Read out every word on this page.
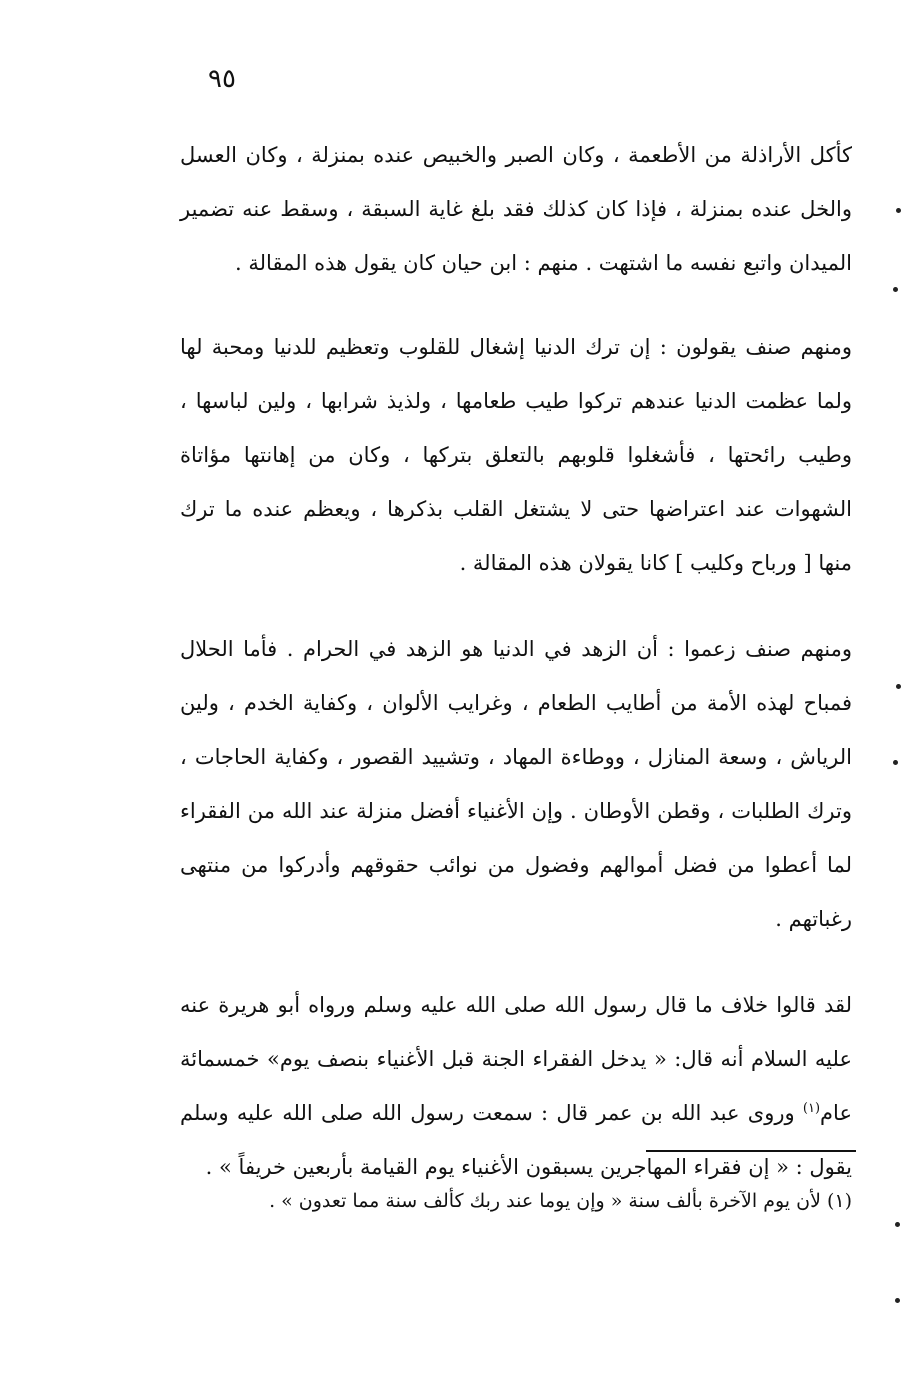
٩٥

كأكل الأراذلة من الأطعمة ، وكان الصبر والخبيص عنده بمنزلة ، وكان العسل والخل عنده بمنزلة ، فإذا كان كذلك فقد بلغ غاية السبقة ، وسقط عنه تضمير الميدان واتبع نفسه ما اشتهت . منهم : ابن حيان كان يقول هذه المقالة .

ومنهم صنف يقولون : إن ترك الدنيا إشغال للقلوب وتعظيم للدنيا ومحبة لها ولما عظمت الدنيا عندهم تركوا طيب طعامها ، ولذيذ شرابها ، ولين لباسها ، وطيب رائحتها ، فأشغلوا قلوبهم بالتعلق بتركها ، وكان من إهانتها مؤاتاة الشهوات عند اعتراضها حتى لا يشتغل القلب بذكرها ، ويعظم عنده ما ترك منها [ ورباح وكليب ] كانا يقولان هذه المقالة .

ومنهم صنف زعموا : أن الزهد في الدنيا هو الزهد في الحرام . فأما الحلال فمباح لهذه الأمة من أطايب الطعام ، وغرايب الألوان ، وكفاية الخدم ، ولين الرياش ، وسعة المنازل ، ووطاءة المهاد ، وتشييد القصور ، وكفاية الحاجات ، وترك الطلبات ، وقطن الأوطان . وإن الأغنياء أفضل منزلة عند الله من الفقراء لما أعطوا من فضل أموالهم وفضول من نوائب حقوقهم وأدركوا من منتهى رغباتهم .

لقد قالوا خلاف ما قال رسول الله صلى الله عليه وسلم ورواه أبو هريرة عنه عليه السلام أنه قال: « يدخل الفقراء الجنة قبل الأغنياء بنصف يوم» خمسمائة عام$^{(١)}$ وروى عبد الله بن عمر قال : سمعت رسول الله صلى الله عليه وسلم يقول : « إن فقراء المهاجرين يسبقون الأغنياء يوم القيامة بأربعين خريفاً » .

(١) لأن يوم الآخرة بألف سنة « وإن يوما عند ربك كألف سنة مما تعدون » .
